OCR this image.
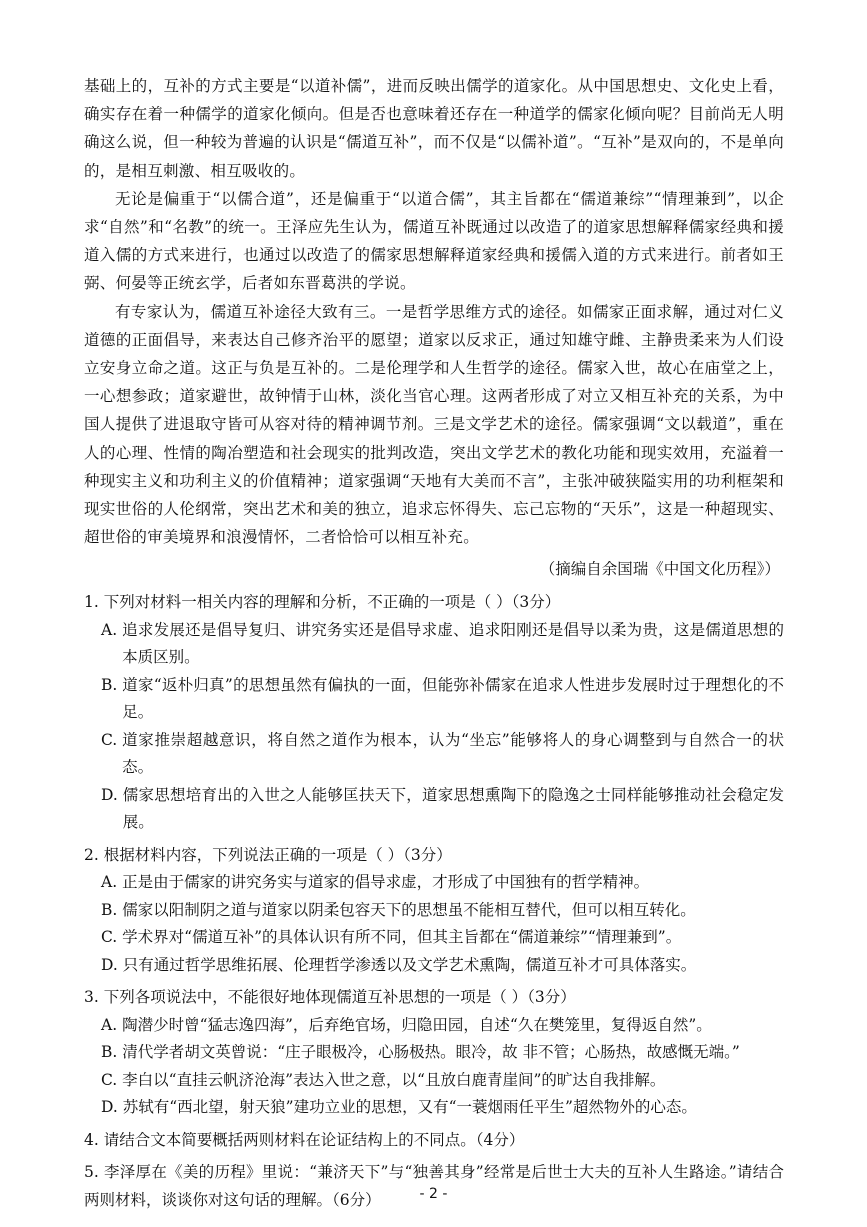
基础上的，互补的方式主要是“以道补儒”，进而反映出儒学的道家化。从中国思想史、文化史上看，确实存在着一种儒学的道家化倾向。但是否也意味着还存在一种道学的儒家化倾向呢？目前尚无人明确这么说，但一种较为普遍的认识是“儒道互补”，而不仅是“以儒补道”。“互补”是双向的，不是单向的，是相互刺激、相互吸收的。

无论是偏重于“以儒合道”，还是偏重于“以道合儒”，其主旨都在“儒道兼综”“情理兼到”，以企求“自然”和“名教”的统一。王泽应先生认为，儒道互补既通过以改造了的道家思想解释儒家经典和援道入儒的方式来进行，也通过以改造了的儒家思想解释道家经典和援儒入道的方式来进行。前者如王弼、何晏等正统玄学，后者如东晋葛洪的学说。

有专家认为，儒道互补途径大致有三。一是哲学思维方式的途径。如儒家正面求解，通过对仁义道德的正面倡导，来表达自己修齐治平的愿望；道家以反求正，通过知雄守雌、主静贵柔来为人们设立安身立命之道。这正与负是互补的。二是伦理学和人生哲学的途径。儒家入世，故心在庙堂之上，一心想参政；道家避世，故钟情于山林，淡化当官心理。这两者形成了对立又相互补充的关系，为中国人提供了进退取守皆可从容对待的精神调节剂。三是文学艺术的途径。儒家强调“文以载道”，重在人的心理、性情的陶冶塑造和社会现实的批判改造，突出文学艺术的教化功能和现实效用，充溢着一种现实主义和功利主义的价值精神；道家强调“天地有大美而不言”，主张冲破狭隘实用的功利框架和现实世俗的人伦纲常，突出艺术和美的独立，追求忘怀得失、忘己忘物的“天乐”，这是一种超现实、超世俗的审美境界和浪漫情怀，二者恰恰可以相互补充。

（摘编自余国瑞《中国文化历程》）
1. 下列对材料一相关内容的理解和分析，不正确的一项是（ ）（3分）
A. 追求发展还是倡导复归、讲究务实还是倡导求虚、追求阳刚还是倡导以柔为贵，这是儒道思想的本质区别。
B. 道家“返朴归真”的思想虽然有偏执的一面，但能弥补儒家在追求人性进步发展时过于理想化的不足。
C. 道家推崇超越意识，将自然之道作为根本，认为“坐忘”能够将人的身心调整到与自然合一的状态。
D. 儒家思想培育出的入世之人能够匡扶天下，道家思想熏陶下的隐逸之士同样能够推动社会稳定发展。
2. 根据材料内容，下列说法正确的一项是（ ）（3分）
A. 正是由于儒家的讲究务实与道家的倡导求虚，才形成了中国独有的哲学精神。
B. 儒家以阳制阴之道与道家以阴柔包容天下的思想虽不能相互替代，但可以相互转化。
C. 学术界对“儒道互补”的具体认识有所不同，但其主旨都在“儒道兼综”“情理兼到”。
D. 只有通过哲学思维拓展、伦理哲学渗透以及文学艺术熏陶，儒道互补才可具体落实。
3. 下列各项说法中，不能很好地体现儒道互补思想的一项是（ ）（3分）
A. 陶潜少时曾“猛志逸四海”，后弃绝官场，归隐田园，自述“久在樊笼里，复得返自然”。
B. 清代学者胡文英曾说：“庄子眼极冷，心肠极热。眼冷，故 非不管；心肠热，故感慨无端。”
C. 李白以“直挂云帆济沧海”表达入世之意，以“且放白鹿青崖间”的旷达自我排解。
D. 苏轼有“西北望，射天狼”建功立业的思想，又有“一蓑烟雨任平生”超然物外的心态。
4. 请结合文本简要概括两则材料在论证结构上的不同点。（4分）
5. 李泽厚在《美的历程》里说：“兼济天下”与“独善其身”经常是后世士大夫的互补人生路途。”请结合两则材料，谈谈你对这句话的理解。（6分）	- 2 -
